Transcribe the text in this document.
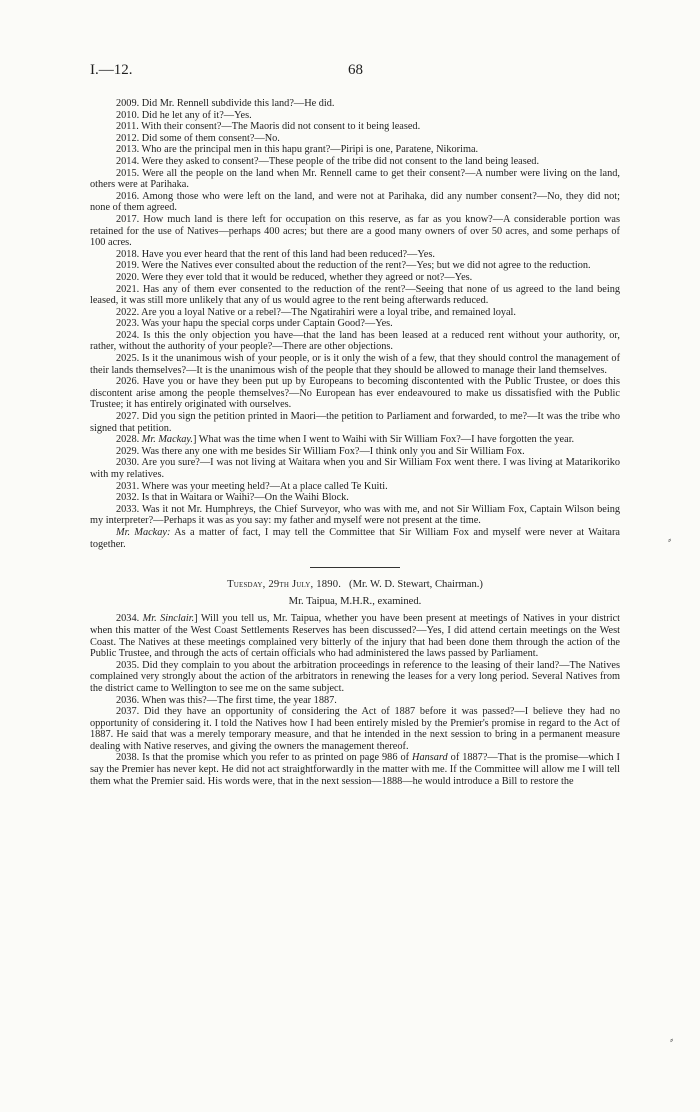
I.—12.	68

2009. Did Mr. Rennell subdivide this land?—He did.

2010. Did he let any of it?—Yes.

2011. With their consent?—The Maoris did not consent to it being leased.

2012. Did some of them consent?—No.

2013. Who are the principal men in this hapu grant?—Piripi is one, Paratene, Nikorima.

2014. Were they asked to consent?—These people of the tribe did not consent to the land being leased.

2015. Were all the people on the land when Mr. Rennell came to get their consent?—A number were living on the land, others were at Parihaka.

2016. Among those who were left on the land, and were not at Parihaka, did any number consent?—No, they did not; none of them agreed.

2017. How much land is there left for occupation on this reserve, as far as you know?—A considerable portion was retained for the use of Natives—perhaps 400 acres; but there are a good many owners of over 50 acres, and some perhaps of 100 acres.

2018. Have you ever heard that the rent of this land had been reduced?—Yes.

2019. Were the Natives ever consulted about the reduction of the rent?—Yes; but we did not agree to the reduction.

2020. Were they ever told that it would be reduced, whether they agreed or not?—Yes.

2021. Has any of them ever consented to the reduction of the rent?—Seeing that none of us agreed to the land being leased, it was still more unlikely that any of us would agree to the rent being afterwards reduced.

2022. Are you a loyal Native or a rebel?—The Ngatirahiri were a loyal tribe, and remained loyal.

2023. Was your hapu the special corps under Captain Good?—Yes.

2024. Is this the only objection you have—that the land has been leased at a reduced rent without your authority, or, rather, without the authority of your people?—There are other objections.

2025. Is it the unanimous wish of your people, or is it only the wish of a few, that they should control the management of their lands themselves?—It is the unanimous wish of the people that they should be allowed to manage their land themselves.

2026. Have you or have they been put up by Europeans to becoming discontented with the Public Trustee, or does this discontent arise among the people themselves?—No European has ever endeavoured to make us dissatisfied with the Public Trustee; it has entirely originated with ourselves.

2027. Did you sign the petition printed in Maori—the petition to Parliament and forwarded, to me?—It was the tribe who signed that petition.

2028. Mr. Mackay.] What was the time when I went to Waihi with Sir William Fox?—I have forgotten the year.

2029. Was there any one with me besides Sir William Fox?—I think only you and Sir William Fox.

2030. Are you sure?—I was not living at Waitara when you and Sir William Fox went there. I was living at Matarikoriko with my relatives.

2031. Where was your meeting held?—At a place called Te Kuiti.

2032. Is that in Waitara or Waihi?—On the Waihi Block.

2033. Was it not Mr. Humphreys, the Chief Surveyor, who was with me, and not Sir William Fox, Captain Wilson being my interpreter?—Perhaps it was as you say: my father and myself were not present at the time.

Mr. Mackay: As a matter of fact, I may tell the Committee that Sir William Fox and myself were never at Waitara together.

Tuesday, 29th July, 1890. (Mr. W. D. Stewart, Chairman.)

Mr. Taipua, M.H.R., examined.

2034. Mr. Sinclair.] Will you tell us, Mr. Taipua, whether you have been present at meetings of Natives in your district when this matter of the West Coast Settlements Reserves has been discussed?—Yes, I did attend certain meetings on the West Coast. The Natives at these meetings complained very bitterly of the injury that had been done them through the action of the Public Trustee, and through the acts of certain officials who had administered the laws passed by Parliament.

2035. Did they complain to you about the arbitration proceedings in reference to the leasing of their land?—The Natives complained very strongly about the action of the arbitrators in renewing the leases for a very long period. Several Natives from the district came to Wellington to see me on the same subject.

2036. When was this?—The first time, the year 1887.

2037. Did they have an opportunity of considering the Act of 1887 before it was passed?—I believe they had no opportunity of considering it. I told the Natives how I had been entirely misled by the Premier's promise in regard to the Act of 1887. He said that was a merely temporary measure, and that he intended in the next session to bring in a permanent measure dealing with Native reserves, and giving the owners the management thereof.

2038. Is that the promise which you refer to as printed on page 986 of Hansard of 1887?—That is the promise—which I say the Premier has never kept. He did not act straightforwardly in the matter with me. If the Committee will allow me I will tell them what the Premier said. His words were, that in the next session—1888—he would introduce a Bill to restore the

⸗
⸗
